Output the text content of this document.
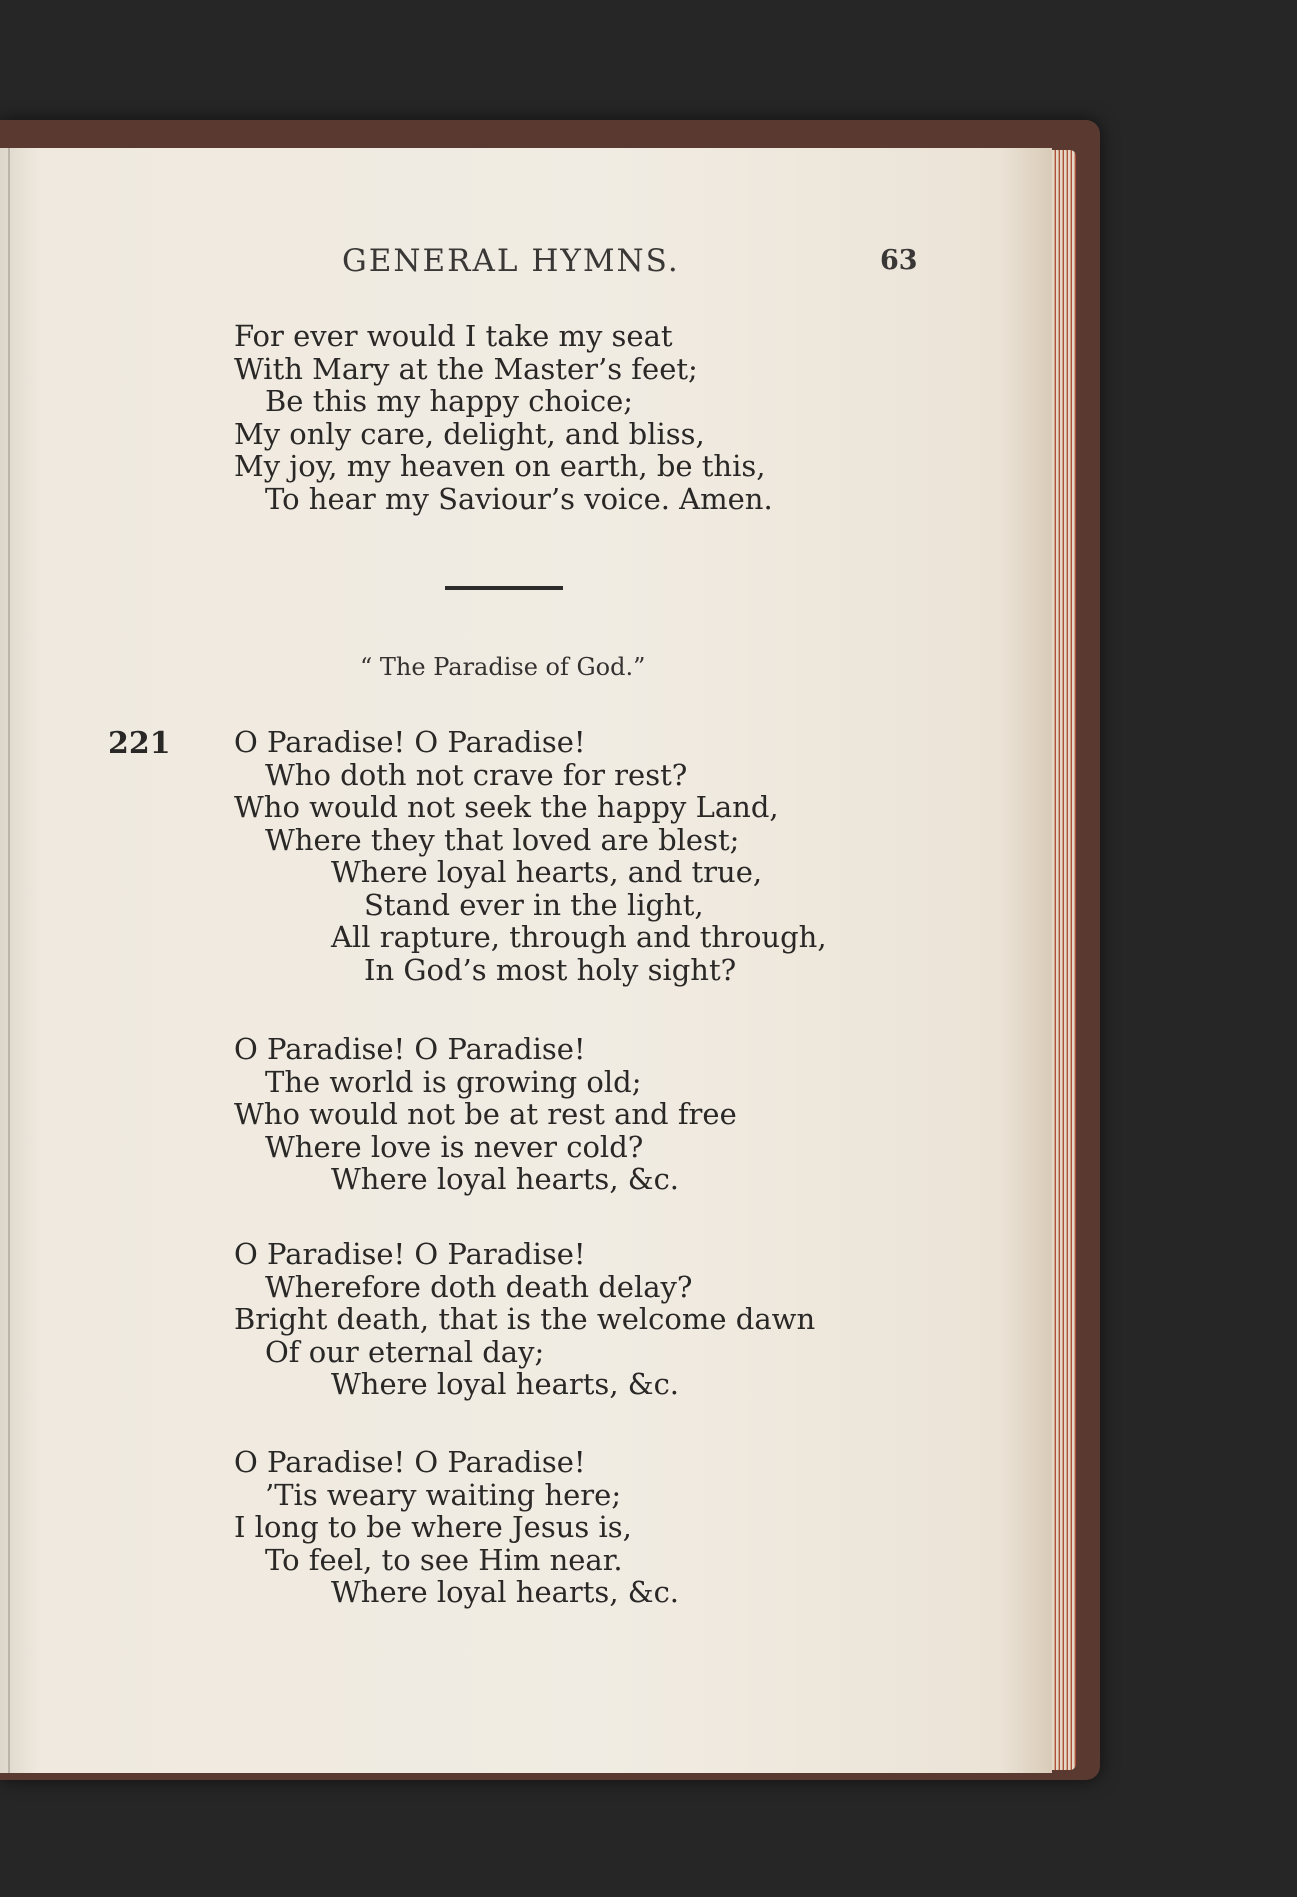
GENERAL HYMNS.	63
For ever would I take my seat
With Mary at the Master’s feet;
Be this my happy choice;
My only care, delight, and bliss,
My joy, my heaven on earth, be this,
To hear my Saviour’s voice. Amen.
“ The Paradise of God.”
221 O Paradise! O Paradise!
Who doth not crave for rest?
Who would not seek the happy Land,
Where they that loved are blest;
Where loyal hearts, and true,
Stand ever in the light,
All rapture, through and through,
In God’s most holy sight?
O Paradise! O Paradise!
The world is growing old;
Who would not be at rest and free
Where love is never cold?
Where loyal hearts, &c.
O Paradise! O Paradise!
Wherefore doth death delay?
Bright death, that is the welcome dawn
Of our eternal day;
Where loyal hearts, &c.
O Paradise! O Paradise!
’Tis weary waiting here;
I long to be where Jesus is,
To feel, to see Him near.
Where loyal hearts, &c.
